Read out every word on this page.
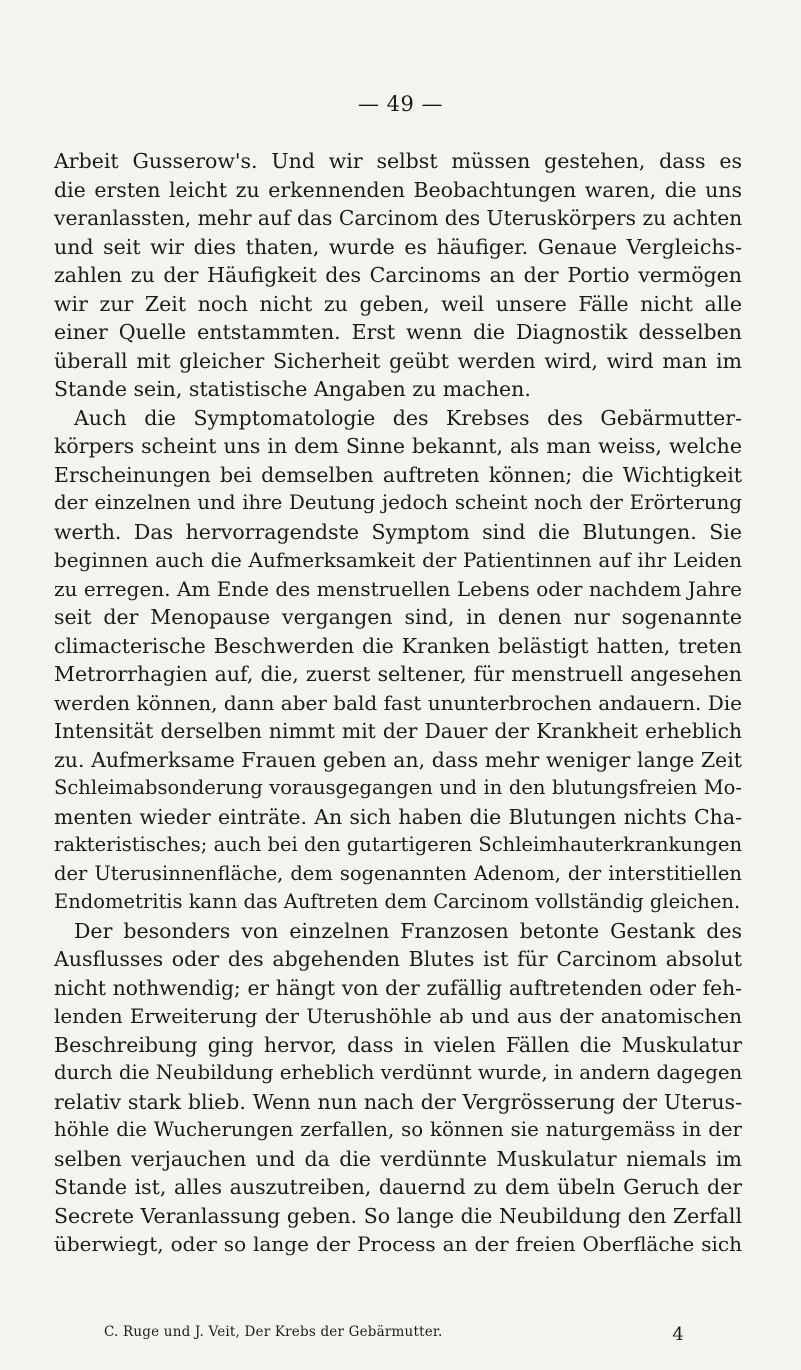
— 49 —
Arbeit Gusserow's. Und wir selbst müssen gestehen, dass es
die ersten leicht zu erkennenden Beobachtungen waren, die uns
veranlassten, mehr auf das Carcinom des Uteruskörpers zu achten
und seit wir dies thaten, wurde es häufiger. Genaue Vergleichs-
zahlen zu der Häufigkeit des Carcinoms an der Portio vermögen
wir zur Zeit noch nicht zu geben, weil unsere Fälle nicht alle
einer Quelle entstammten. Erst wenn die Diagnostik desselben
überall mit gleicher Sicherheit geübt werden wird, wird man im
Stande sein, statistische Angaben zu machen.
Auch die Symptomatologie des Krebses des Gebärmutter-
körpers scheint uns in dem Sinne bekannt, als man weiss, welche
Erscheinungen bei demselben auftreten können; die Wichtigkeit
der einzelnen und ihre Deutung jedoch scheint noch der Erörterung
werth. Das hervorragendste Symptom sind die Blutungen. Sie
beginnen auch die Aufmerksamkeit der Patientinnen auf ihr Leiden
zu erregen. Am Ende des menstruellen Lebens oder nachdem Jahre
seit der Menopause vergangen sind, in denen nur sogenannte
climacterische Beschwerden die Kranken belästigt hatten, treten
Metrorrhagien auf, die, zuerst seltener, für menstruell angesehen
werden können, dann aber bald fast ununterbrochen andauern. Die
Intensität derselben nimmt mit der Dauer der Krankheit erheblich
zu. Aufmerksame Frauen geben an, dass mehr weniger lange Zeit
Schleimabsonderung vorausgegangen und in den blutungsfreien Mo-
menten wieder einträte. An sich haben die Blutungen nichts Cha-
rakteristisches; auch bei den gutartigeren Schleimhauterkrankungen
der Uterusinnenfläche, dem sogenannten Adenom, der interstitiellen
Endometritis kann das Auftreten dem Carcinom vollständig gleichen.
Der besonders von einzelnen Franzosen betonte Gestank des
Ausflusses oder des abgehenden Blutes ist für Carcinom absolut
nicht nothwendig; er hängt von der zufällig auftretenden oder feh-
lenden Erweiterung der Uterushöhle ab und aus der anatomischen
Beschreibung ging hervor, dass in vielen Fällen die Muskulatur
durch die Neubildung erheblich verdünnt wurde, in andern dagegen
relativ stark blieb. Wenn nun nach der Vergrösserung der Uterus-
höhle die Wucherungen zerfallen, so können sie naturgemäss in der
selben verjauchen und da die verdünnte Muskulatur niemals im
Stande ist, alles auszutreiben, dauernd zu dem übeln Geruch der
Secrete Veranlassung geben. So lange die Neubildung den Zerfall
überwiegt, oder so lange der Process an der freien Oberfläche sich
C. Ruge und J. Veit, Der Krebs der Gebärmutter.	4
